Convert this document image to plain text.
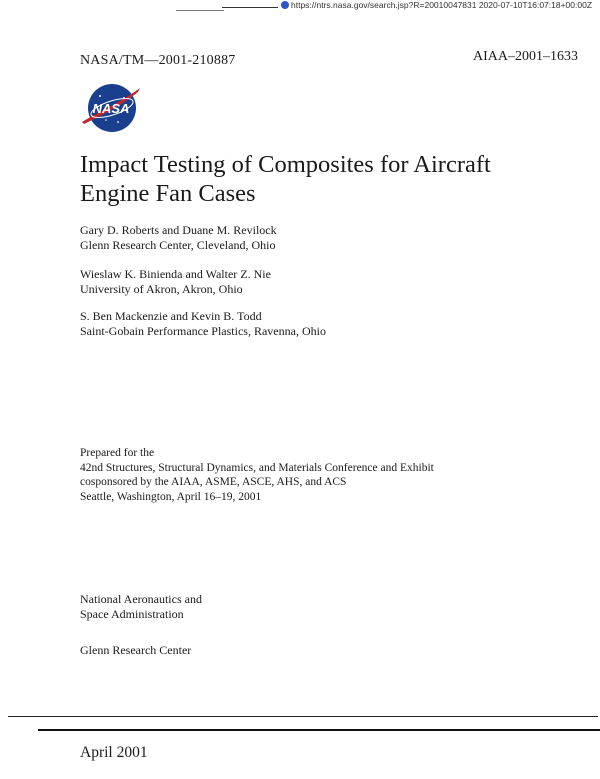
https://ntrs.nasa.gov/search.jsp?R=20010047831 2020-07-10T16:07:18+00:00Z
NASA/TM—2001-210887	AIAA–2001–1633
NASA
Impact Testing of Composites for Aircraft
Engine Fan Cases
Gary D. Roberts and Duane M. Revilock
Glenn Research Center, Cleveland, Ohio
Wieslaw K. Binienda and Walter Z. Nie
University of Akron, Akron, Ohio
S. Ben Mackenzie and Kevin B. Todd
Saint-Gobain Performance Plastics, Ravenna, Ohio
Prepared for the
42nd Structures, Structural Dynamics, and Materials Conference and Exhibit
cosponsored by the AIAA, ASME, ASCE, AHS, and ACS
Seattle, Washington, April 16–19, 2001
National Aeronautics and
Space Administration
Glenn Research Center
April 2001
